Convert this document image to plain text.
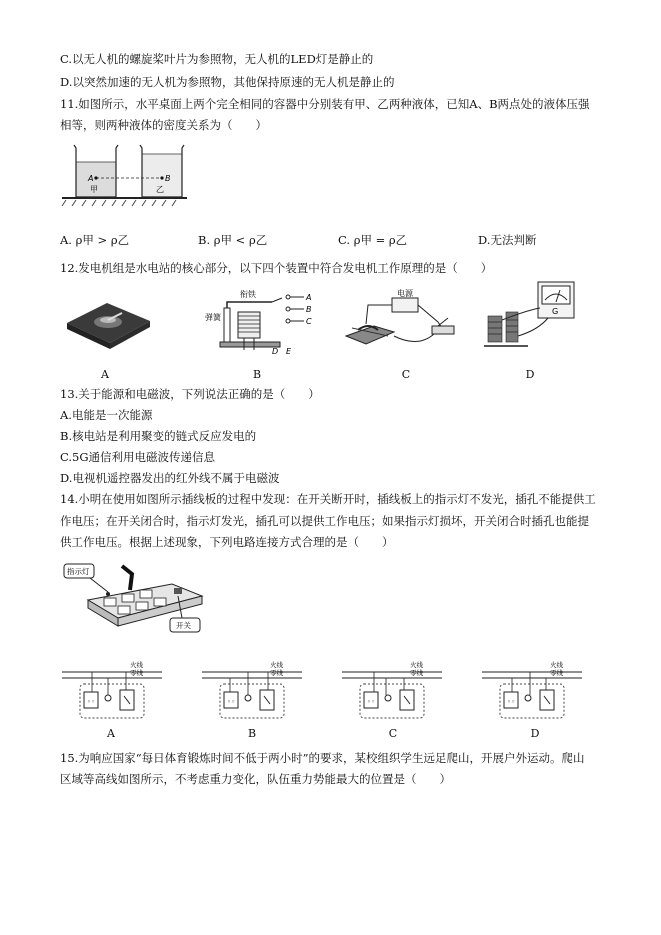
C.以无人机的螺旋桨叶片为参照物，无人机的LED灯是静止的
D.以突然加速的无人机为参照物，其他保持原速的无人机是静止的
11.如图所示，水平桌面上两个完全相同的容器中分别装有甲、乙两种液体，已知A、B两点处的液体压强
相等，则两种液体的密度关系为（　　）
A	B
甲	乙
A. ρ甲 > ρ乙	B. ρ甲 < ρ乙	C. ρ甲 = ρ乙	D.无法判断
12.发电机组是水电站的核心部分，以下四个装置中符合发电机工作原理的是（　　）
衔铁
弹簧
A
B
C
D E
电源
G
A	B	C	D
13.关于能源和电磁波，下列说法正确的是（　　）
A.电能是一次能源
B.核电站是利用聚变的链式反应发电的
C.5G通信利用电磁波传递信息
D.电视机遥控器发出的红外线不属于电磁波
14.小明在使用如图所示插线板的过程中发现：在开关断开时，插线板上的指示灯不发光，插孔不能提供工
作电压；在开关闭合时，指示灯发光，插孔可以提供工作电压；如果指示灯损坏，开关闭合时插孔也能提
供工作电压。根据上述现象，下列电路连接方式合理的是（　　）
指示灯
开关
火线
零线
◦◦
火线
零线
◦◦
火线
零线
◦◦
火线
零线
◦◦
A	B	C	D
15.为响应国家“每日体育锻炼时间不低于两小时”的要求，某校组织学生远足爬山，开展户外运动。爬山
区域等高线如图所示，不考虑重力变化，队伍重力势能最大的位置是（　　）
